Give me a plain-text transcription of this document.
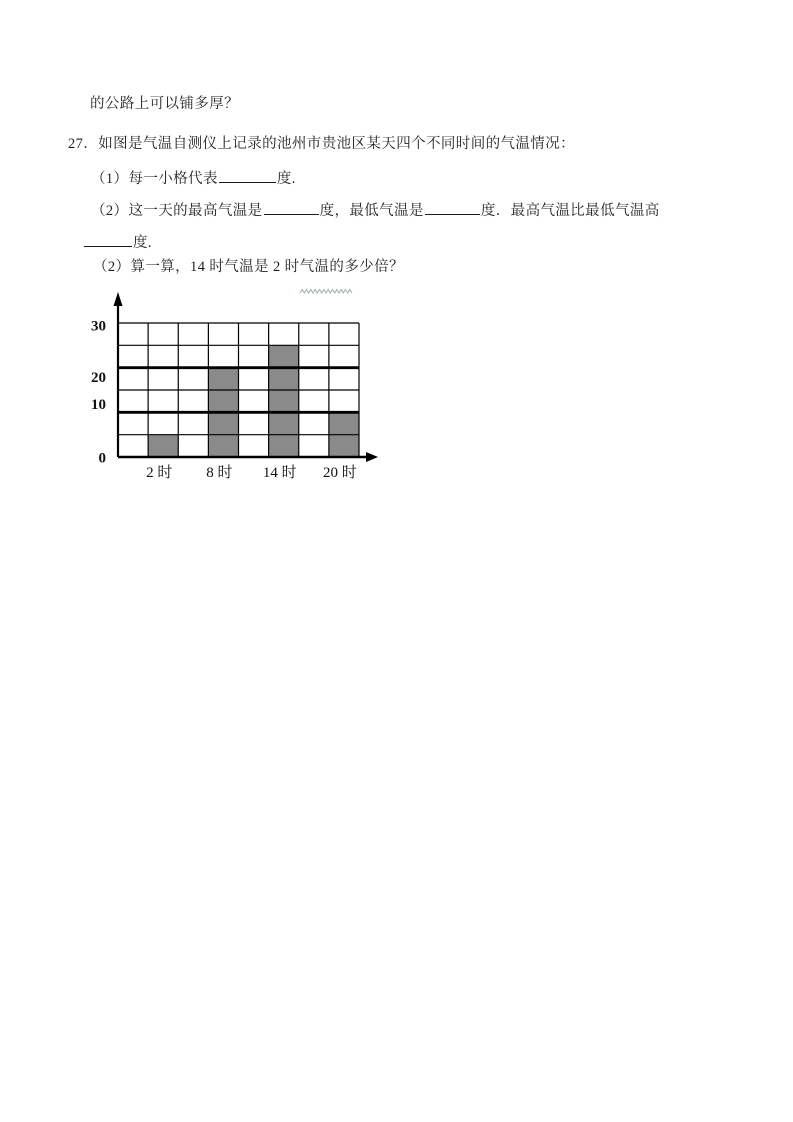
的公路上可以铺多厚？
27．如图是气温自测仪上记录的池州市贵池区某天四个不同时间的气温情况：
（1）每一小格代表	度.
（2）这一天的最高气温是	度，最低气温是	度．最高气温比最低气温高
度.
（2）算一算，14 时气温是 2 时气温的多少倍？
0
10
20
30
2 时 8 时 14 时 20 时
